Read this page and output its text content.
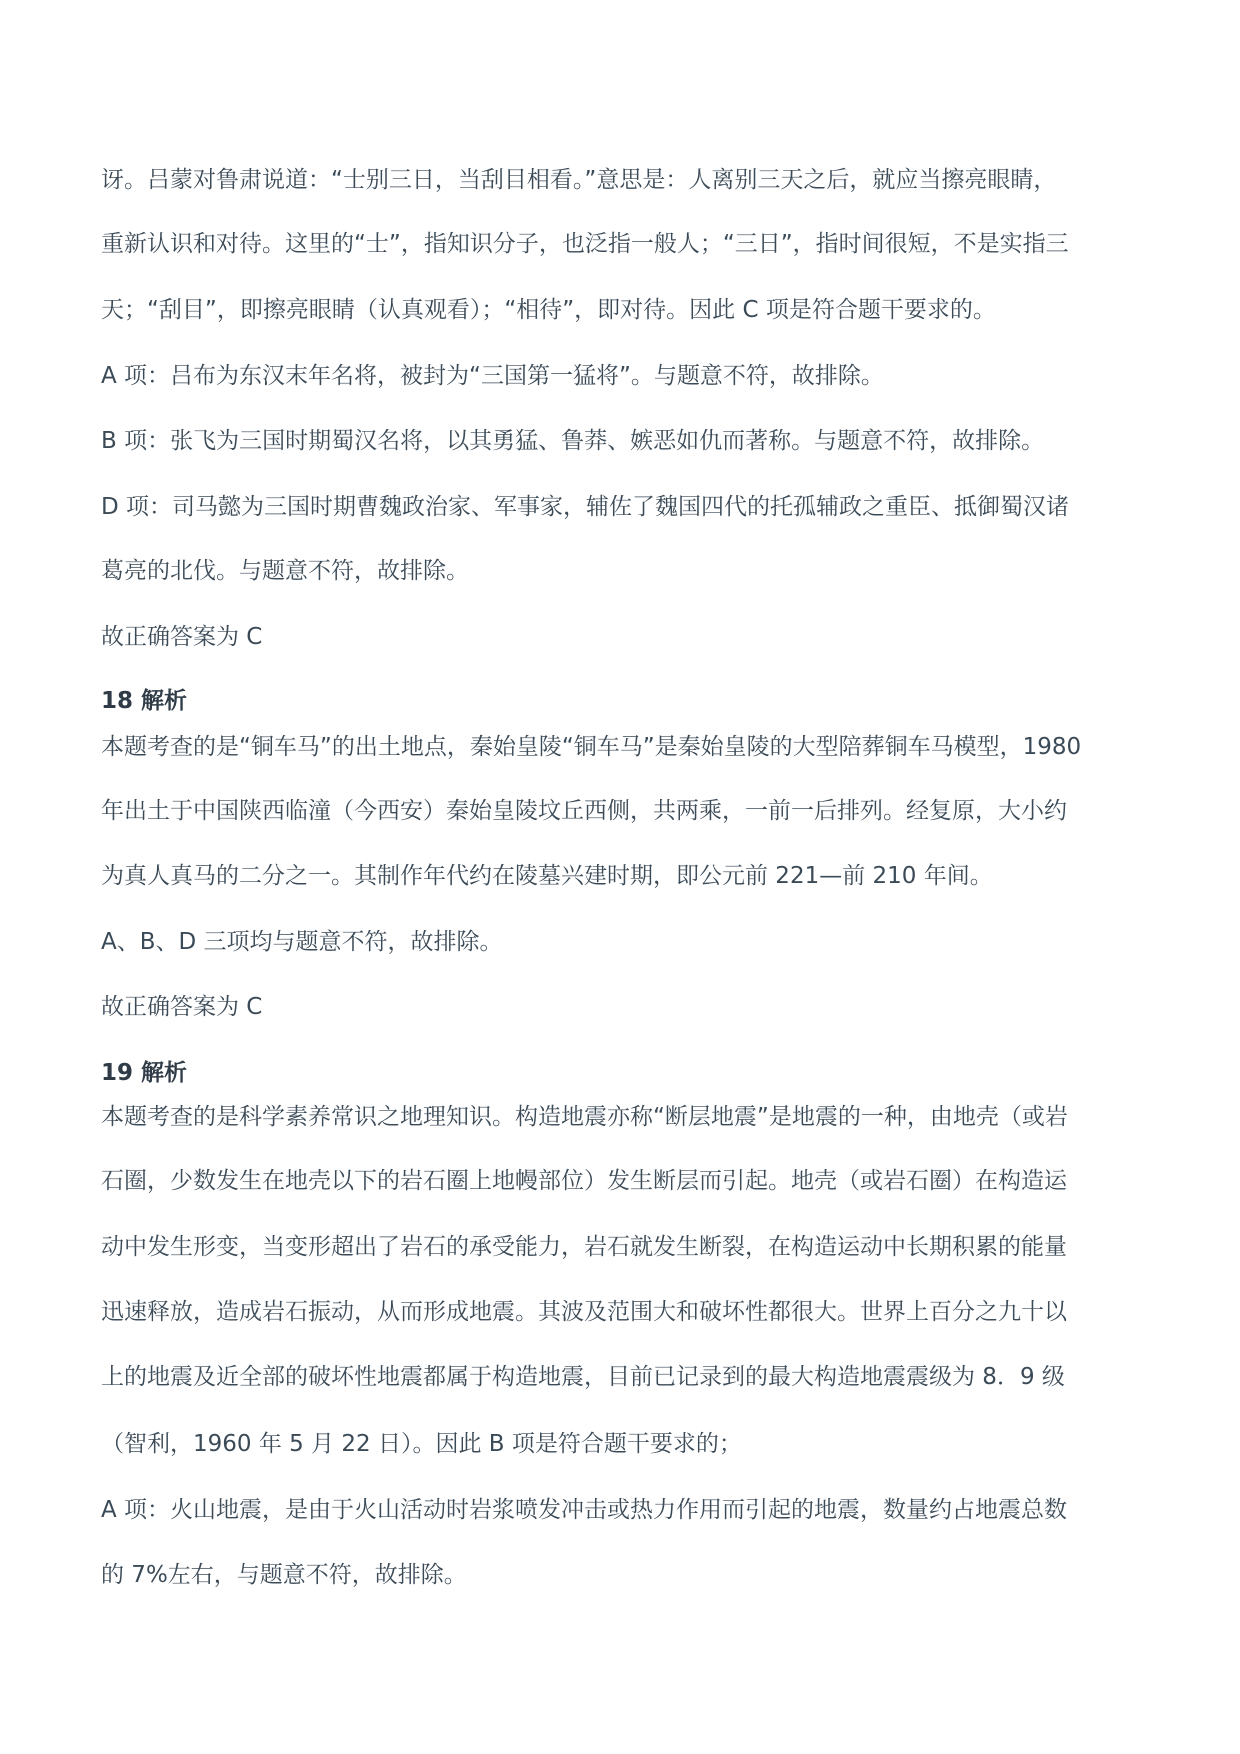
讶。吕蒙对鲁肃说道：“士别三日，当刮目相看。”意思是：人离别三天之后，就应当擦亮眼睛，
重新认识和对待。这里的“士”，指知识分子，也泛指一般人；“三日”，指时间很短，不是实指三
天；“刮目”，即擦亮眼睛（认真观看）；“相待”，即对待。因此 C 项是符合题干要求的。
A 项：吕布为东汉末年名将，被封为“三国第一猛将”。与题意不符，故排除。
B 项：张飞为三国时期蜀汉名将，以其勇猛、鲁莽、嫉恶如仇而著称。与题意不符，故排除。
D 项：司马懿为三国时期曹魏政治家、军事家，辅佐了魏国四代的托孤辅政之重臣、抵御蜀汉诸
葛亮的北伐。与题意不符，故排除。
故正确答案为 C
18 解析
本题考查的是“铜车马”的出土地点，秦始皇陵“铜车马”是秦始皇陵的大型陪葬铜车马模型，1980
年出土于中国陕西临潼（今西安）秦始皇陵坟丘西侧，共两乘，一前一后排列。经复原，大小约
为真人真马的二分之一。其制作年代约在陵墓兴建时期，即公元前 221—前 210 年间。
A、B、D 三项均与题意不符，故排除。
故正确答案为 C
19 解析
本题考查的是科学素养常识之地理知识。构造地震亦称“断层地震”是地震的一种，由地壳（或岩
石圈，少数发生在地壳以下的岩石圈上地幔部位）发生断层而引起。地壳（或岩石圈）在构造运
动中发生形变，当变形超出了岩石的承受能力，岩石就发生断裂，在构造运动中长期积累的能量
迅速释放，造成岩石振动，从而形成地震。其波及范围大和破坏性都很大。世界上百分之九十以
上的地震及近全部的破坏性地震都属于构造地震，目前已记录到的最大构造地震震级为 8．9 级
（智利，1960 年 5 月 22 日）。因此 B 项是符合题干要求的；
A 项：火山地震，是由于火山活动时岩浆喷发冲击或热力作用而引起的地震，数量约占地震总数
的 7%左右，与题意不符，故排除。
